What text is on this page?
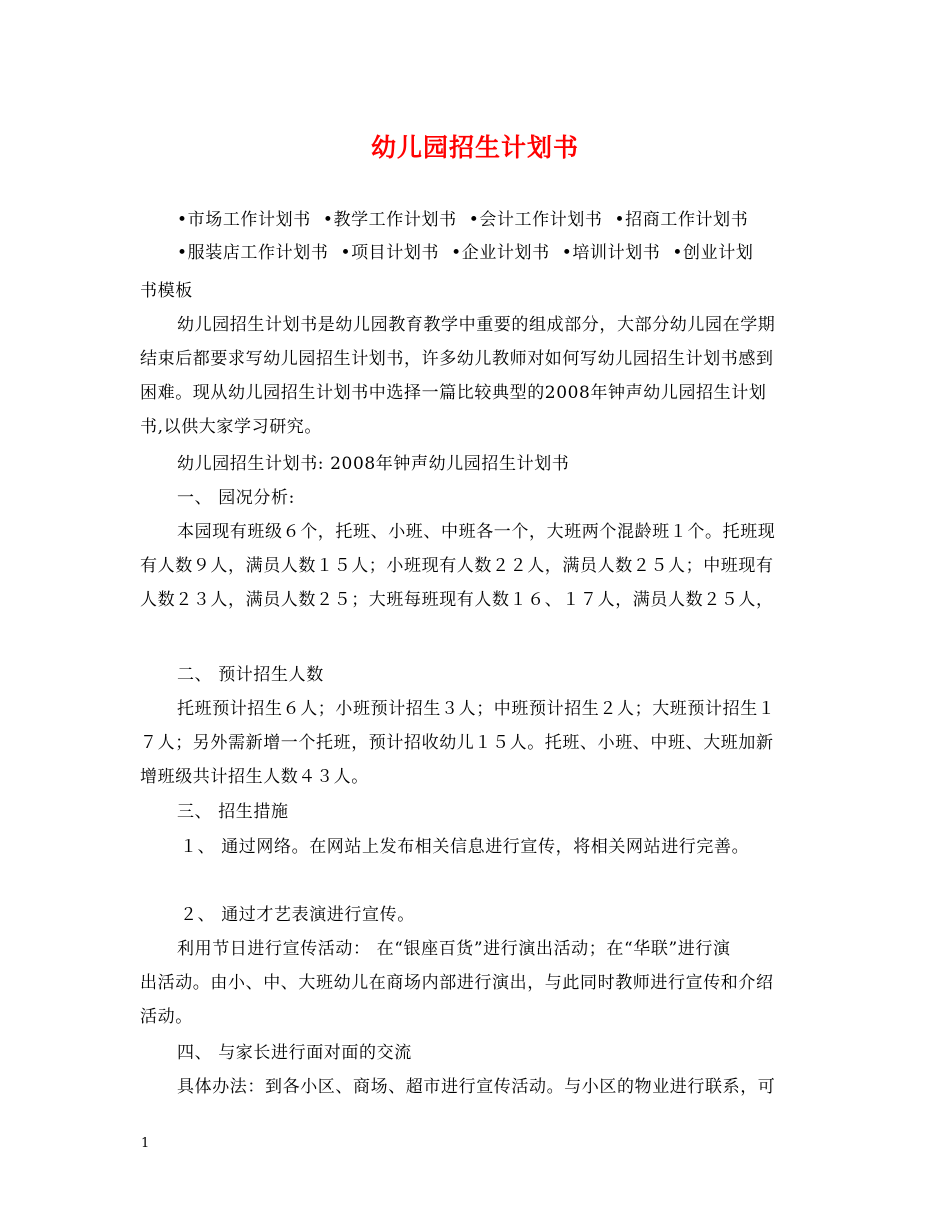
幼儿园招生计划书
•市场工作计划书 •教学工作计划书 •会计工作计划书 •招商工作计划书
•服装店工作计划书 •项目计划书 •企业计划书 •培训计划书 •创业计划
书模板
幼儿园招生计划书是幼儿园教育教学中重要的组成部分，大部分幼儿园在学期
结束后都要求写幼儿园招生计划书，许多幼儿教师对如何写幼儿园招生计划书感到
困难。现从幼儿园招生计划书中选择一篇比较典型的2008年钟声幼儿园招生计划
书,以供大家学习研究。
幼儿园招生计划书: 2008年钟声幼儿园招生计划书
一、 园况分析:
本园现有班级６个，托班、小班、中班各一个，大班两个混龄班１个。托班现
有人数９人，满员人数１５人；小班现有人数２２人，满员人数２５人；中班现有
人数２３人，满员人数２５；大班每班现有人数１６、１７人，满员人数２５人，
二、 预计招生人数
托班预计招生６人；小班预计招生３人；中班预计招生２人；大班预计招生１
７人；另外需新增一个托班，预计招收幼儿１５人。托班、小班、中班、大班加新
增班级共计招生人数４３人。
三、 招生措施
１、 通过网络。在网站上发布相关信息进行宣传，将相关网站进行完善。
２、 通过才艺表演进行宣传。
利用节日进行宣传活动： 在“银座百货”进行演出活动；在“华联”进行演
出活动。由小、中、大班幼儿在商场内部进行演出，与此同时教师进行宣传和介绍
活动。
四、 与家长进行面对面的交流
具体办法：到各小区、商场、超市进行宣传活动。与小区的物业进行联系，可
1
